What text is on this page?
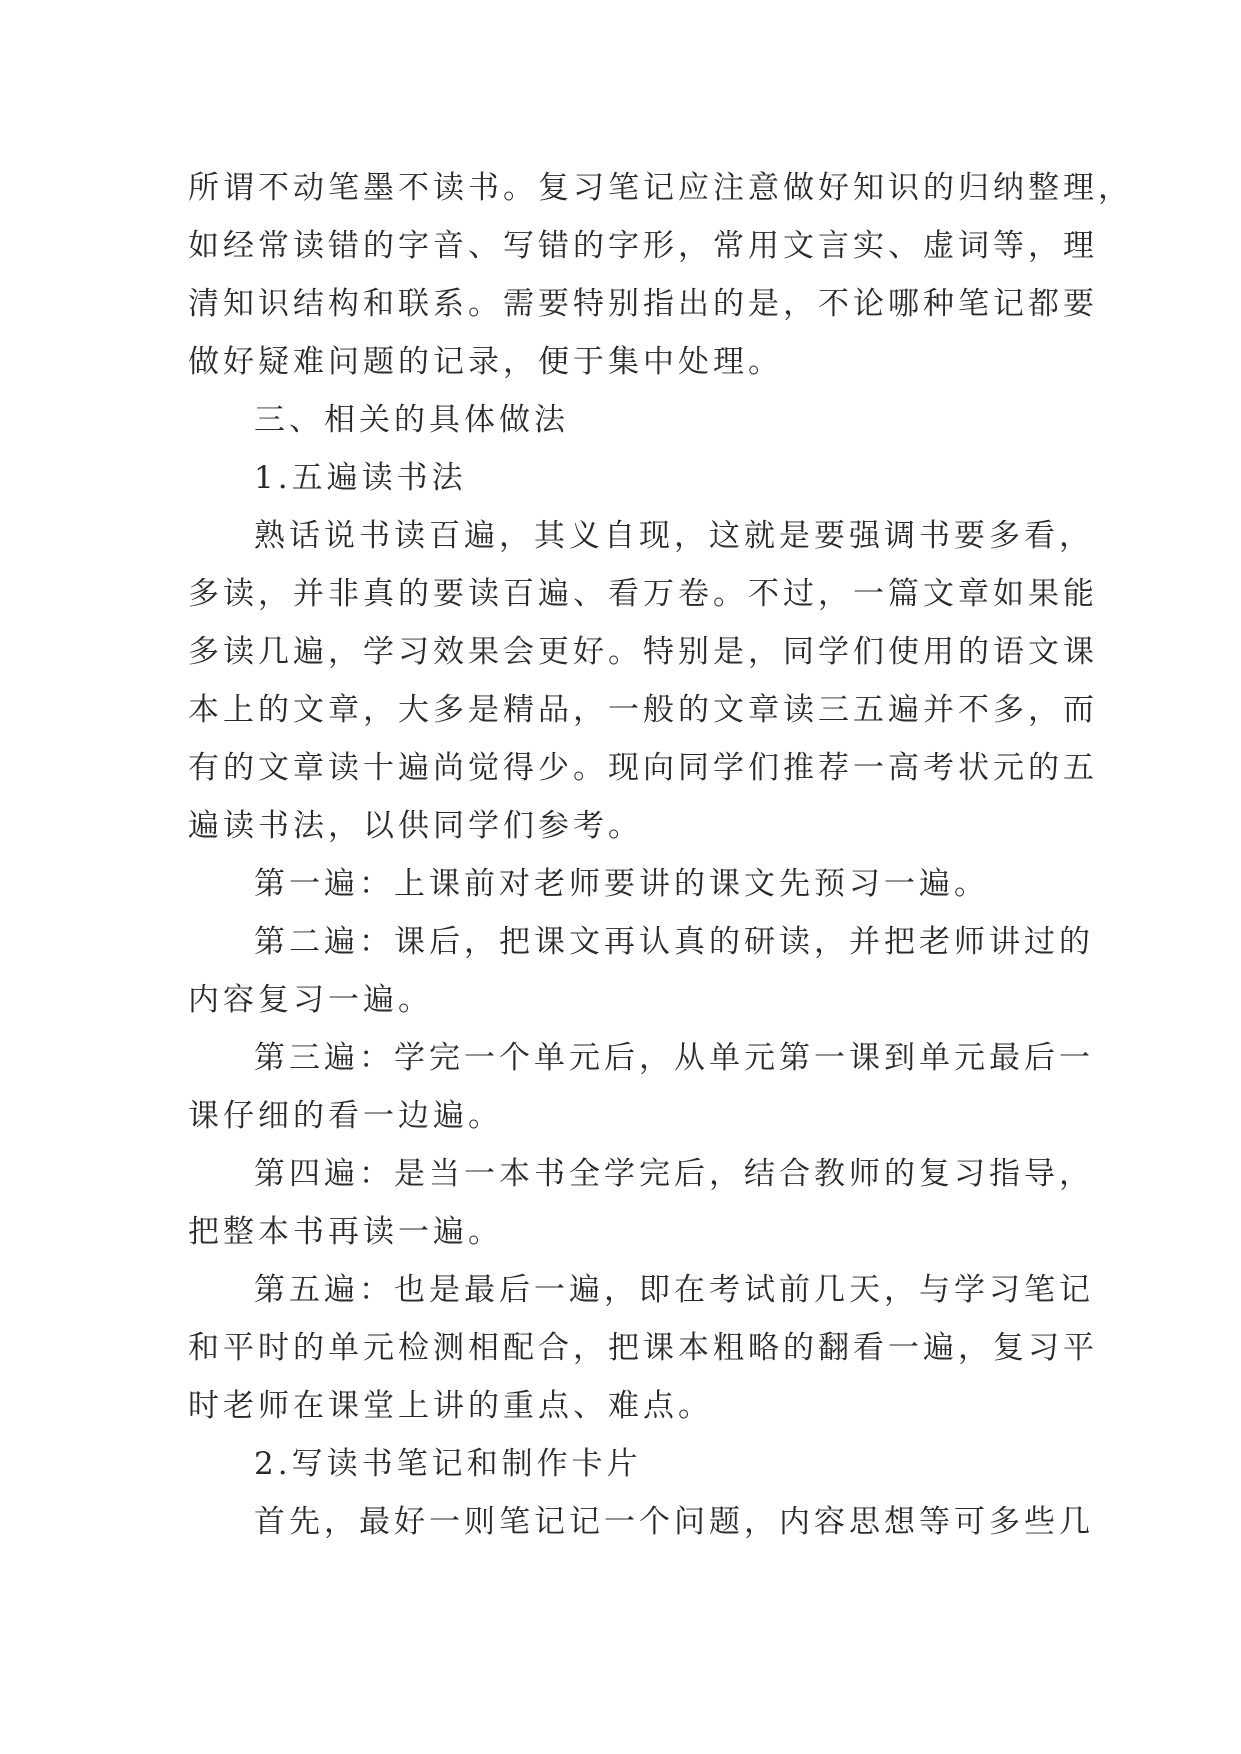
所谓不动笔墨不读书。复习笔记应注意做好知识的归纳整理，
如经常读错的字音、写错的字形，常用文言实、虚词等，理
清知识结构和联系。需要特别指出的是，不论哪种笔记都要
做好疑难问题的记录，便于集中处理。
三、相关的具体做法
1.五遍读书法
熟话说书读百遍，其义自现，这就是要强调书要多看，
多读，并非真的要读百遍、看万卷。不过，一篇文章如果能
多读几遍，学习效果会更好。特别是，同学们使用的语文课
本上的文章，大多是精品，一般的文章读三五遍并不多，而
有的文章读十遍尚觉得少。现向同学们推荐一高考状元的五
遍读书法，以供同学们参考。
第一遍：上课前对老师要讲的课文先预习一遍。
第二遍：课后，把课文再认真的研读，并把老师讲过的
内容复习一遍。
第三遍：学完一个单元后，从单元第一课到单元最后一
课仔细的看一边遍。
第四遍：是当一本书全学完后，结合教师的复习指导，
把整本书再读一遍。
第五遍：也是最后一遍，即在考试前几天，与学习笔记
和平时的单元检测相配合，把课本粗略的翻看一遍，复习平
时老师在课堂上讲的重点、难点。
2.写读书笔记和制作卡片
首先，最好一则笔记记一个问题，内容思想等可多些几
